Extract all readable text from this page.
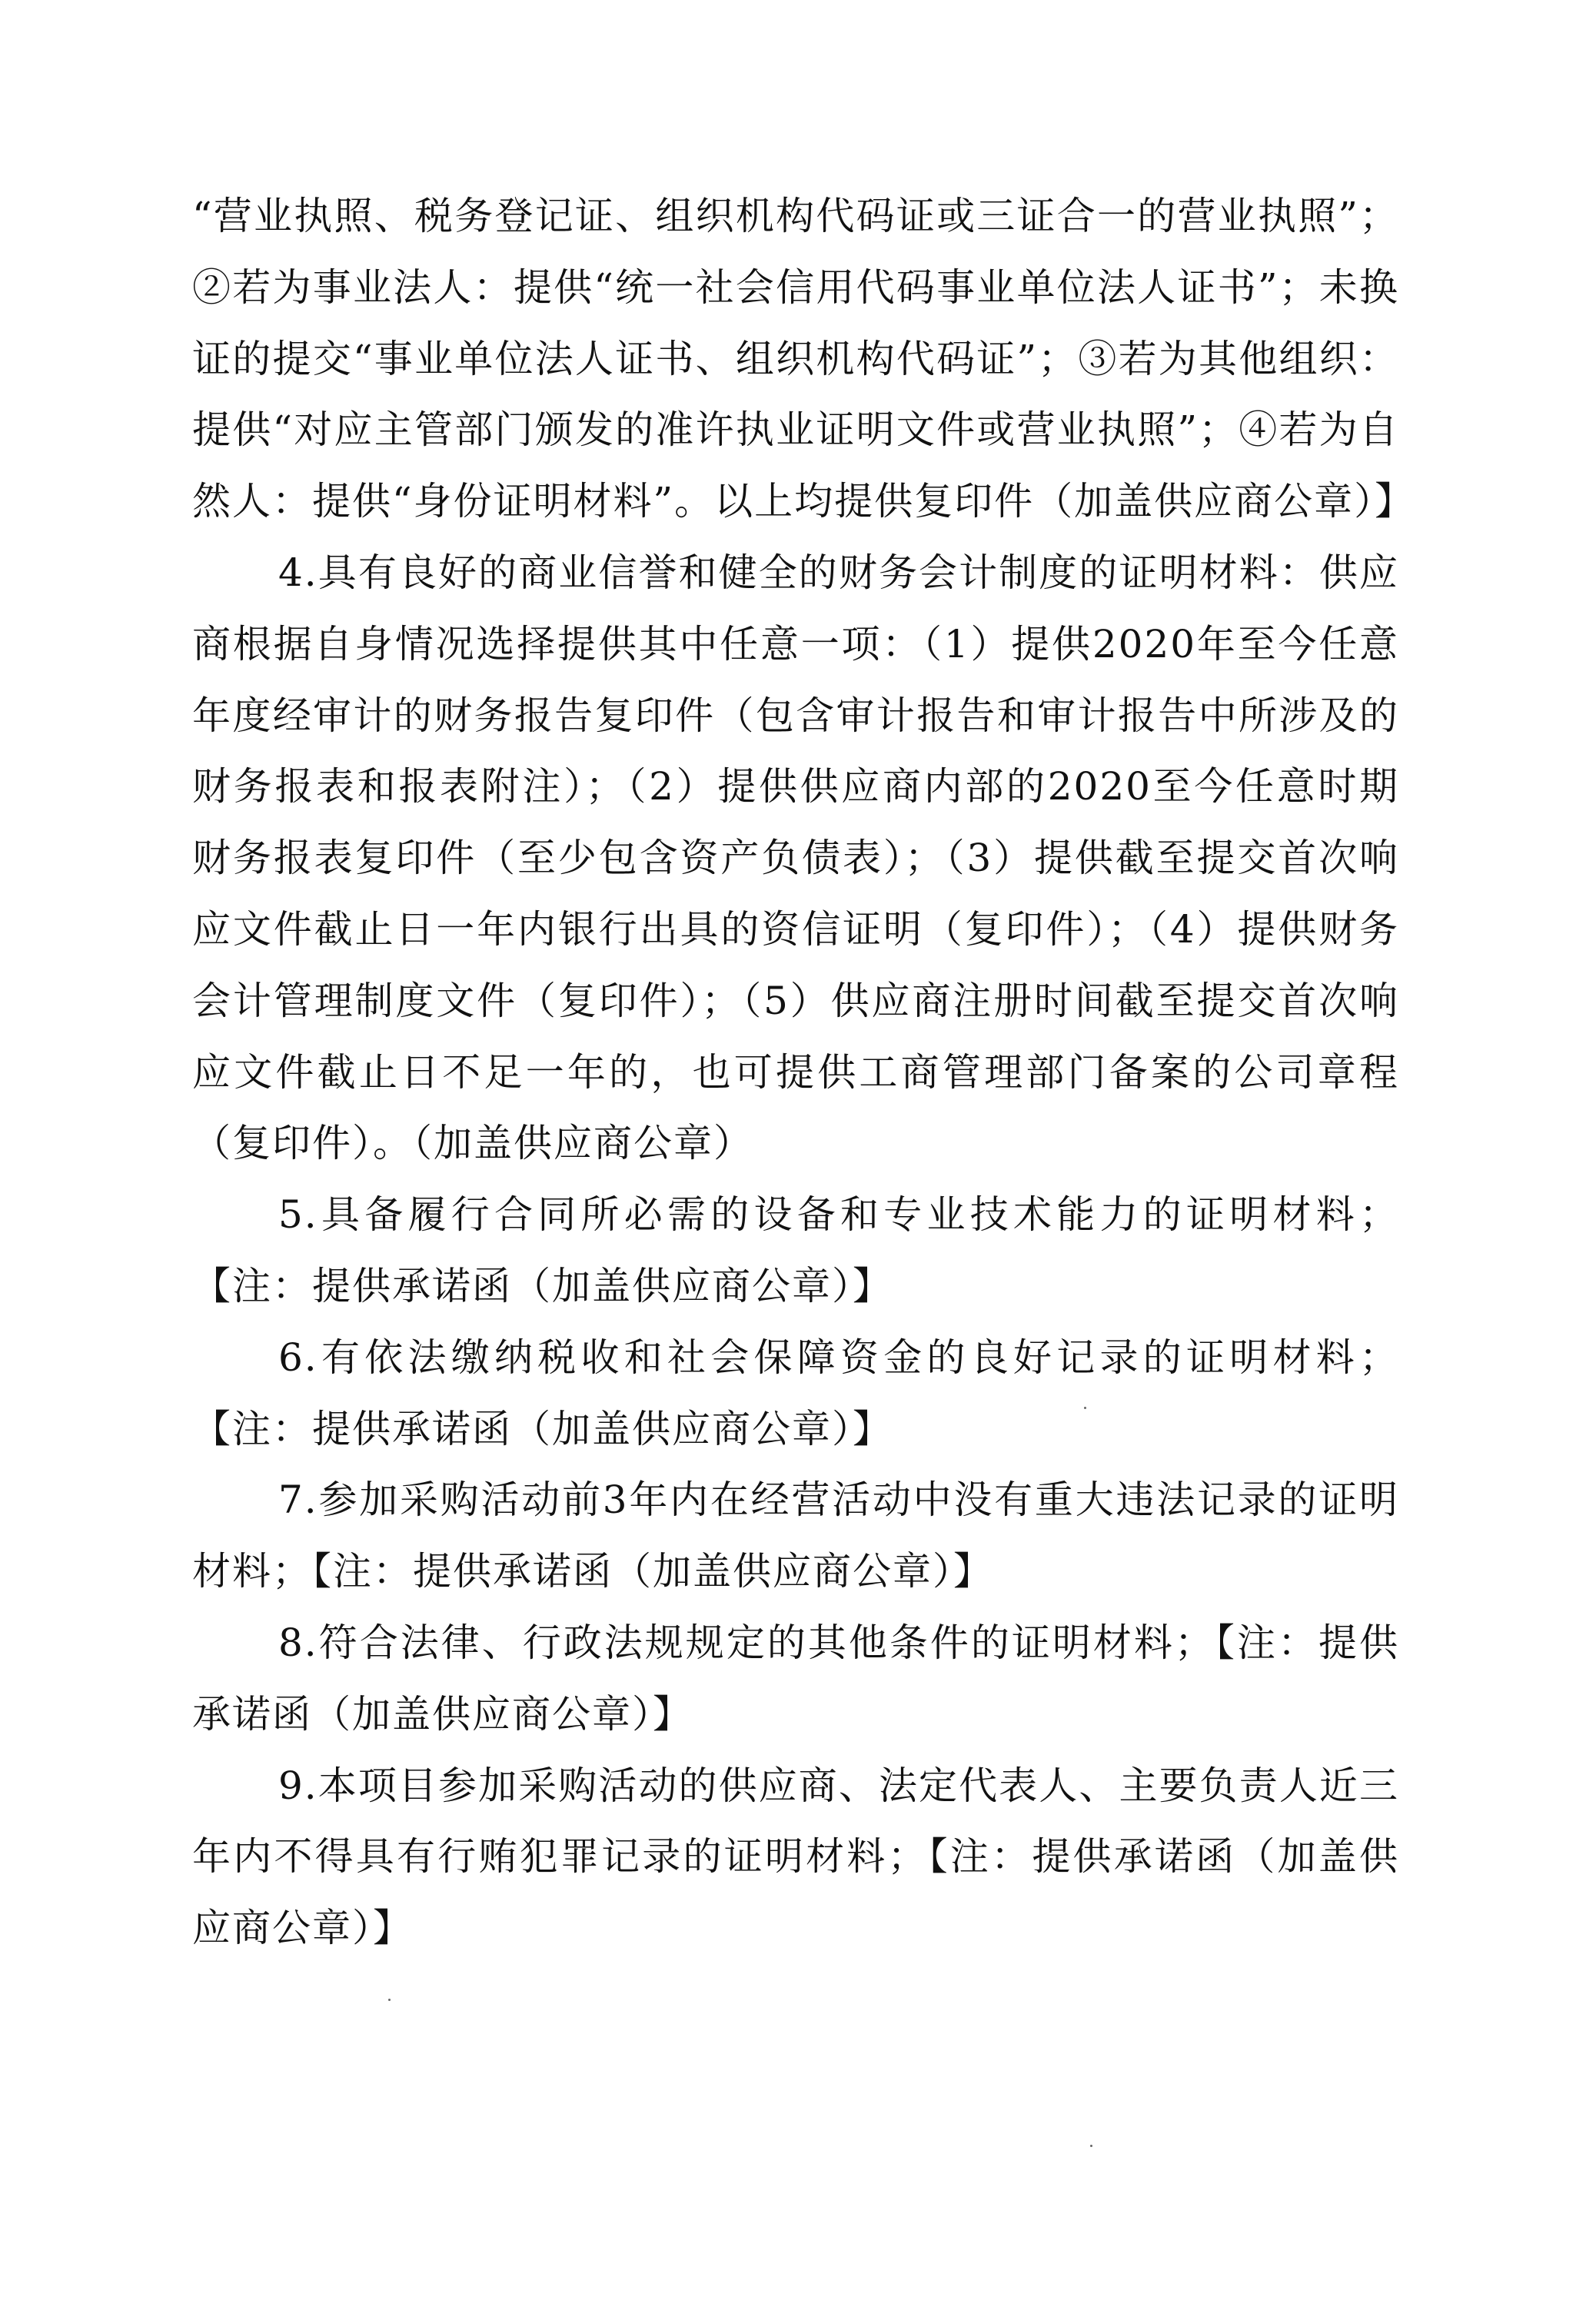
“营业执照、税务登记证、组织机构代码证或三证合一的营业执照”；②若为事业法人：提供“统一社会信用代码事业单位法人证书”；未换证的提交“事业单位法人证书、组织机构代码证”；③若为其他组织：提供“对应主管部门颁发的准许执业证明文件或营业执照”；④若为自然人：提供“身份证明材料”。以上均提供复印件（加盖供应商公章）】

4.具有良好的商业信誉和健全的财务会计制度的证明材料：供应商根据自身情况选择提供其中任意一项：（1）提供2020年至今任意年度经审计的财务报告复印件（包含审计报告和审计报告中所涉及的财务报表和报表附注）；（2）提供供应商内部的2020至今任意时期财务报表复印件（至少包含资产负债表）；（3）提供截至提交首次响应文件截止日一年内银行出具的资信证明（复印件）；（4）提供财务会计管理制度文件（复印件）；（5）供应商注册时间截至提交首次响应文件截止日不足一年的，也可提供工商管理部门备案的公司章程（复印件）。（加盖供应商公章）

5.具备履行合同所必需的设备和专业技术能力的证明材料；【注：提供承诺函（加盖供应商公章）】

6.有依法缴纳税收和社会保障资金的良好记录的证明材料；【注：提供承诺函（加盖供应商公章）】

7.参加采购活动前3年内在经营活动中没有重大违法记录的证明材料；【注：提供承诺函（加盖供应商公章）】

8.符合法律、行政法规规定的其他条件的证明材料；【注：提供承诺函（加盖供应商公章）】

9.本项目参加采购活动的供应商、法定代表人、主要负责人近三年内不得具有行贿犯罪记录的证明材料；【注：提供承诺函（加盖供应商公章）】
